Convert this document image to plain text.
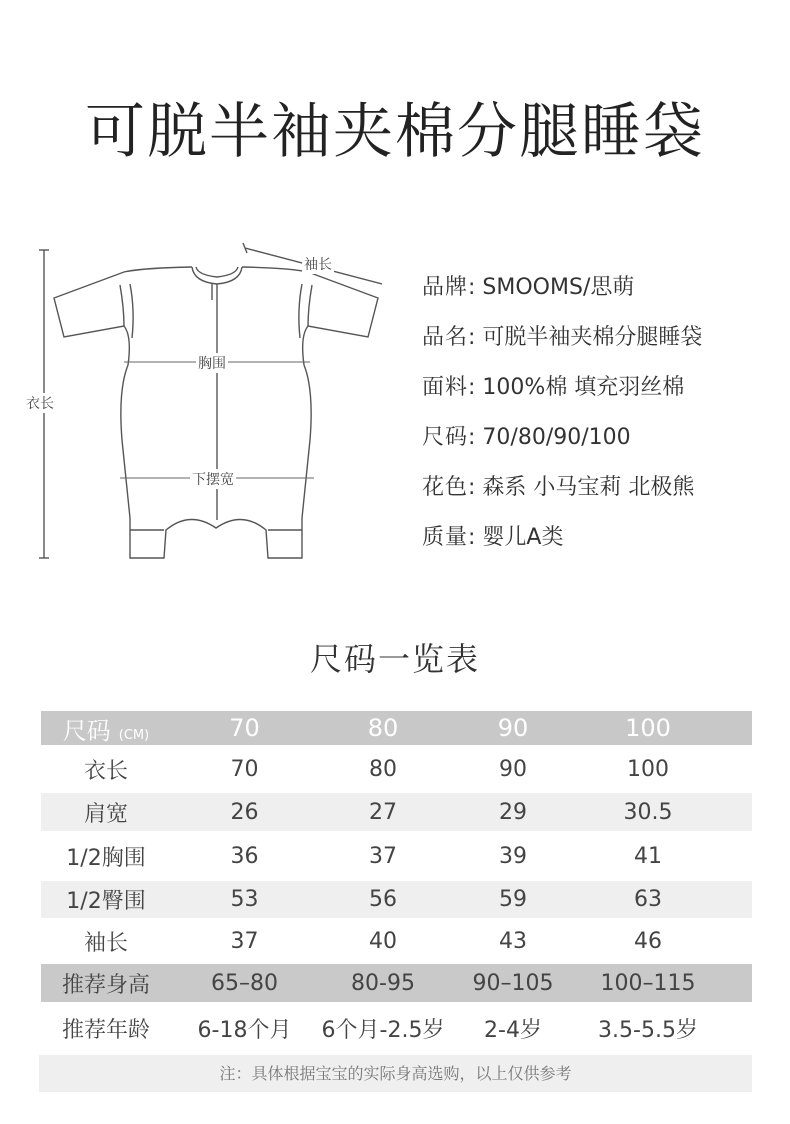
可脱半袖夹棉分腿睡袋
袖长
胸围
下摆宽
衣长
品牌: SMOOMS/思萌
品名: 可脱半袖夹棉分腿睡袋
面料: 100%棉 填充羽丝棉
尺码: 70/80/90/100
花色: 森系 小马宝莉 北极熊
质量: 婴儿A类
尺码一览表
尺码 (CM)	70	80	90	100
衣长	70	80	90	100
肩宽	26	27	29	30.5
1/2胸围	36	37	39	41
1/2臀围	53	56	59	63
袖长	37	40	43	46
推荐身高	65–80	80-95	90–105	100–115
推荐年龄	6-18个月	6个月-2.5岁	2-4岁	3.5-5.5岁
注：具体根据宝宝的实际身高选购，以上仅供参考
